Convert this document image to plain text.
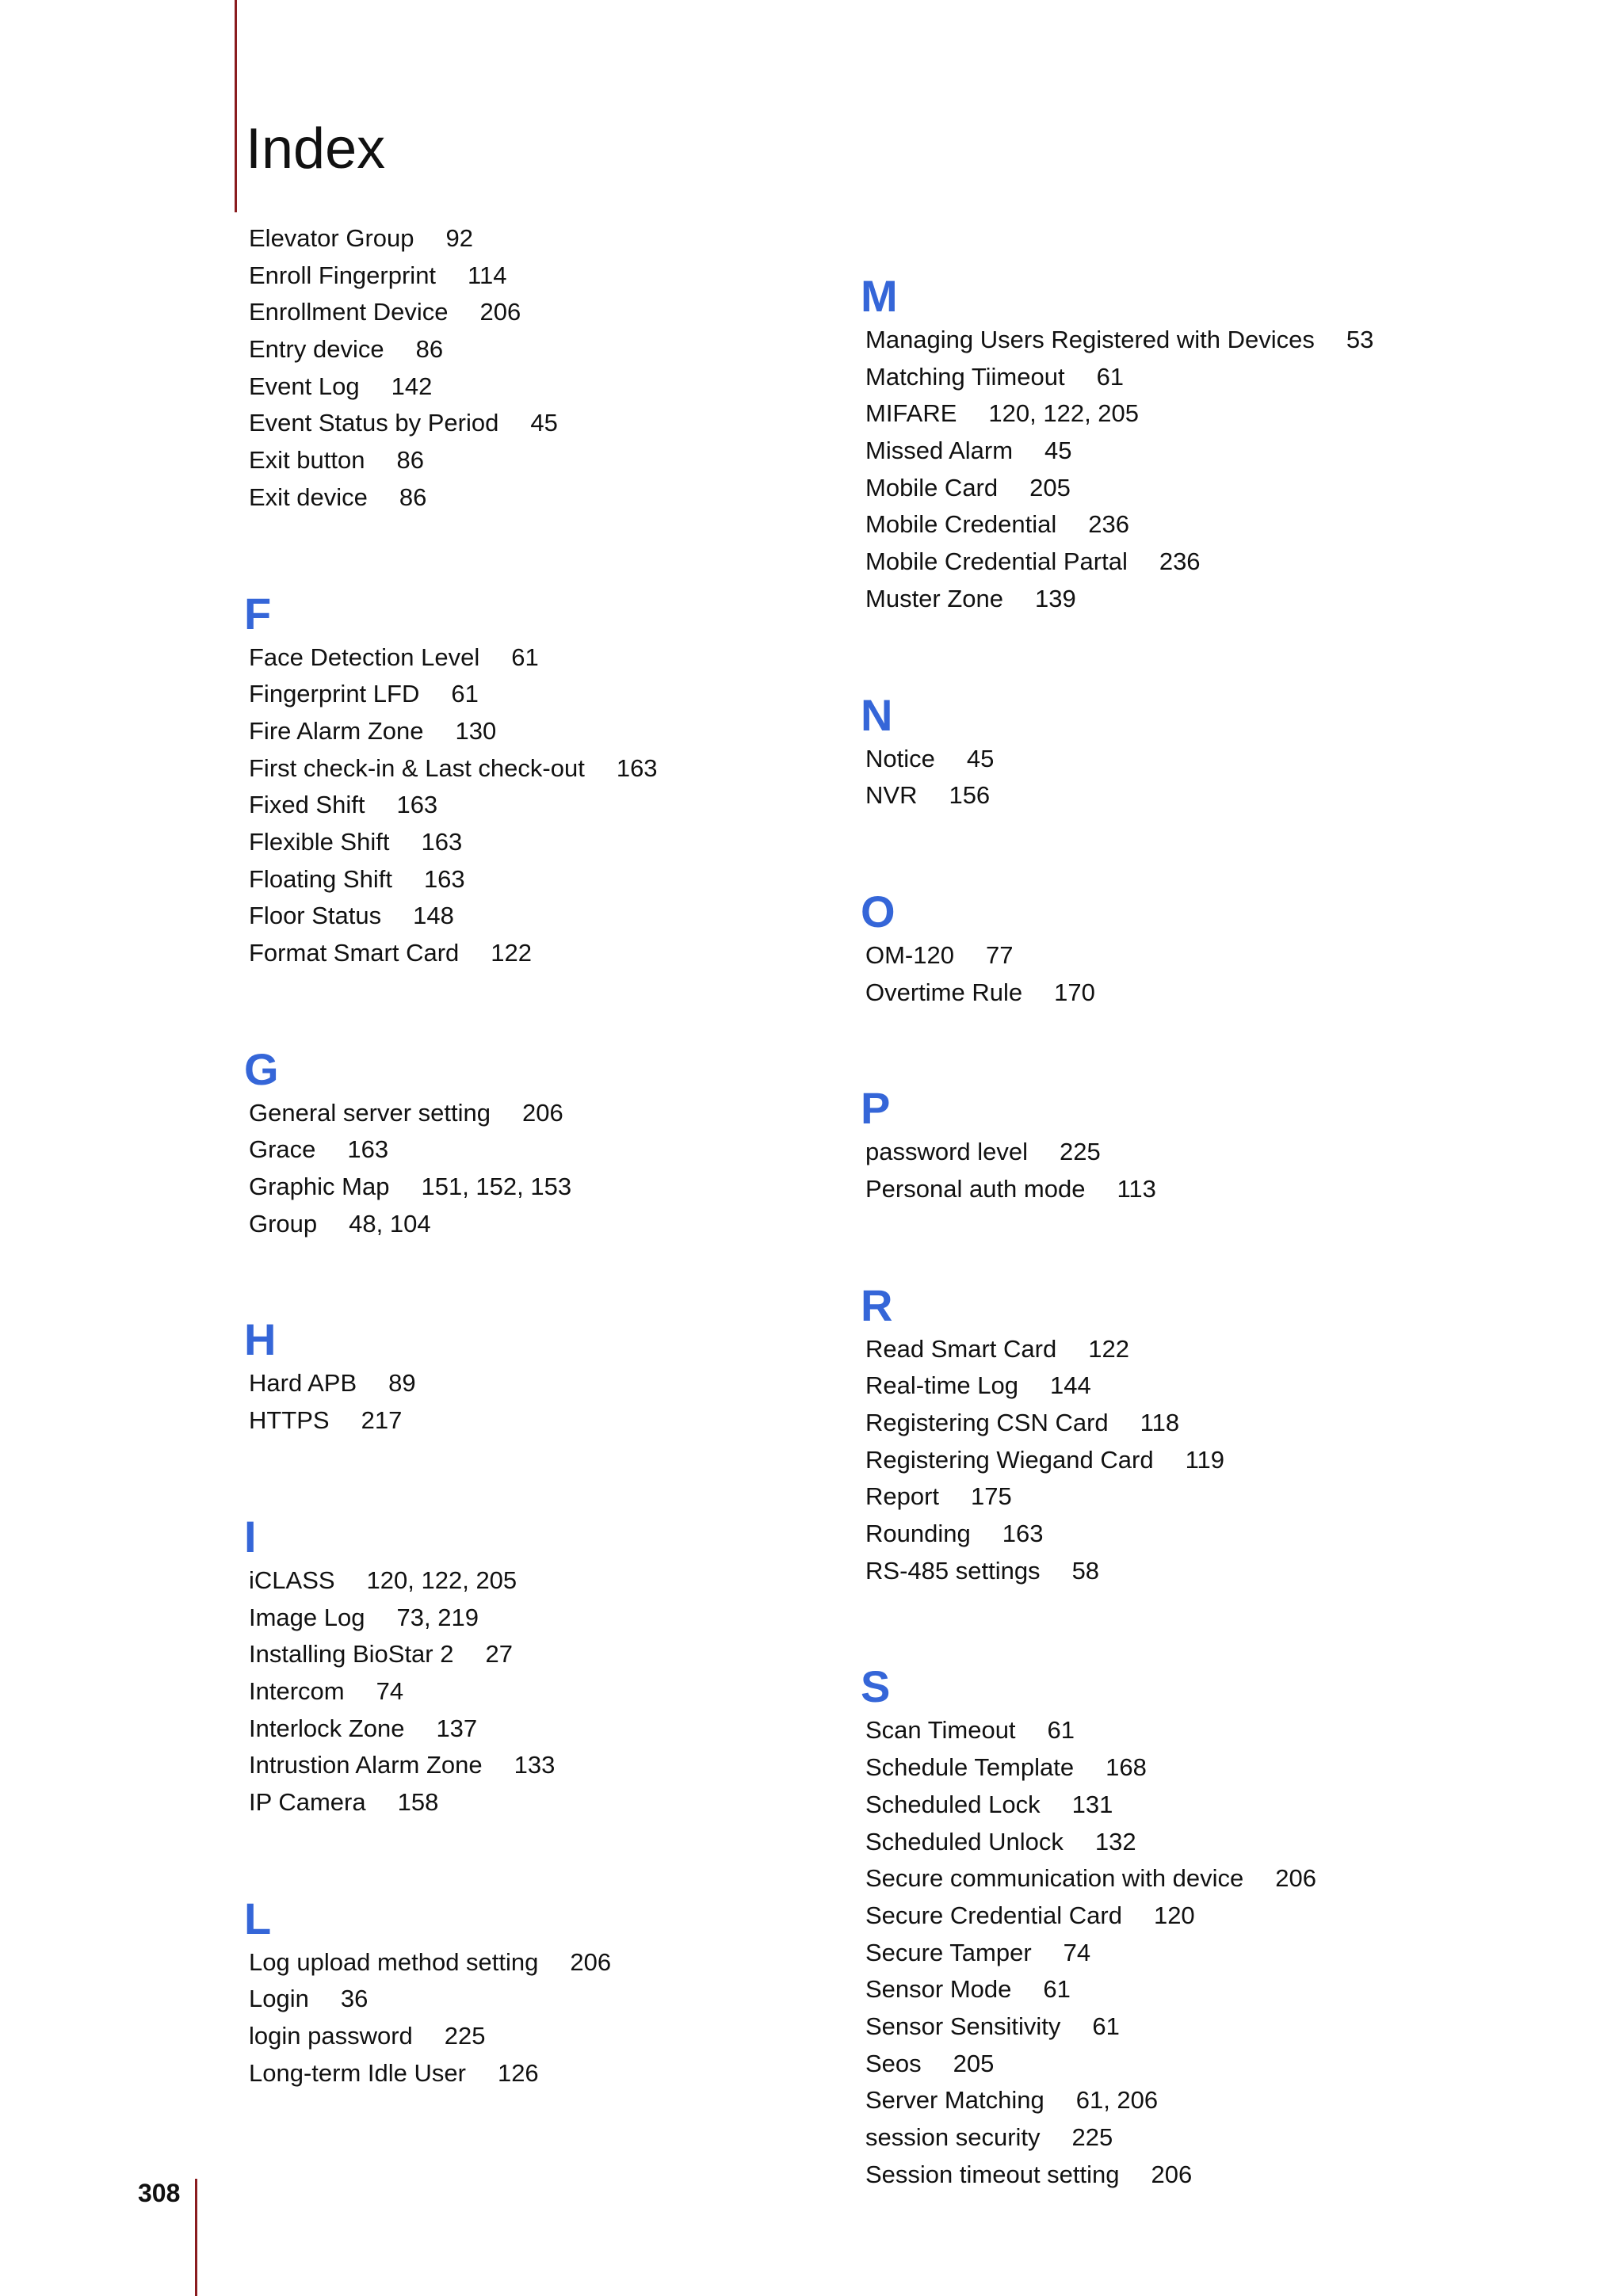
Index
Elevator Group 92
Enroll Fingerprint 114
Enrollment Device 206
Entry device 86
Event Log 142
Event Status by Period 45
Exit button 86
Exit device 86
F
Face Detection Level 61
Fingerprint LFD 61
Fire Alarm Zone 130
First check-in & Last check-out 163
Fixed Shift 163
Flexible Shift 163
Floating Shift 163
Floor Status 148
Format Smart Card 122
G
General server setting 206
Grace 163
Graphic Map 151, 152, 153
Group 48, 104
H
Hard APB 89
HTTPS 217
I
iCLASS 120, 122, 205
Image Log 73, 219
Installing BioStar 2 27
Intercom 74
Interlock Zone 137
Intrustion Alarm Zone 133
IP Camera 158
L
Log upload method setting 206
Login 36
login password 225
Long-term Idle User 126
M
Managing Users Registered with Devices 53
Matching Tiimeout 61
MIFARE 120, 122, 205
Missed Alarm 45
Mobile Card 205
Mobile Credential 236
Mobile Credential Partal 236
Muster Zone 139
N
Notice 45
NVR 156
O
OM-120 77
Overtime Rule 170
P
password level 225
Personal auth mode 113
R
Read Smart Card 122
Real-time Log 144
Registering CSN Card 118
Registering Wiegand Card 119
Report 175
Rounding 163
RS-485 settings 58
S
Scan Timeout 61
Schedule Template 168
Scheduled Lock 131
Scheduled Unlock 132
Secure communication with device 206
Secure Credential Card 120
Secure Tamper 74
Sensor Mode 61
Sensor Sensitivity 61
Seos 205
Server Matching 61, 206
session security 225
Session timeout setting 206
308
